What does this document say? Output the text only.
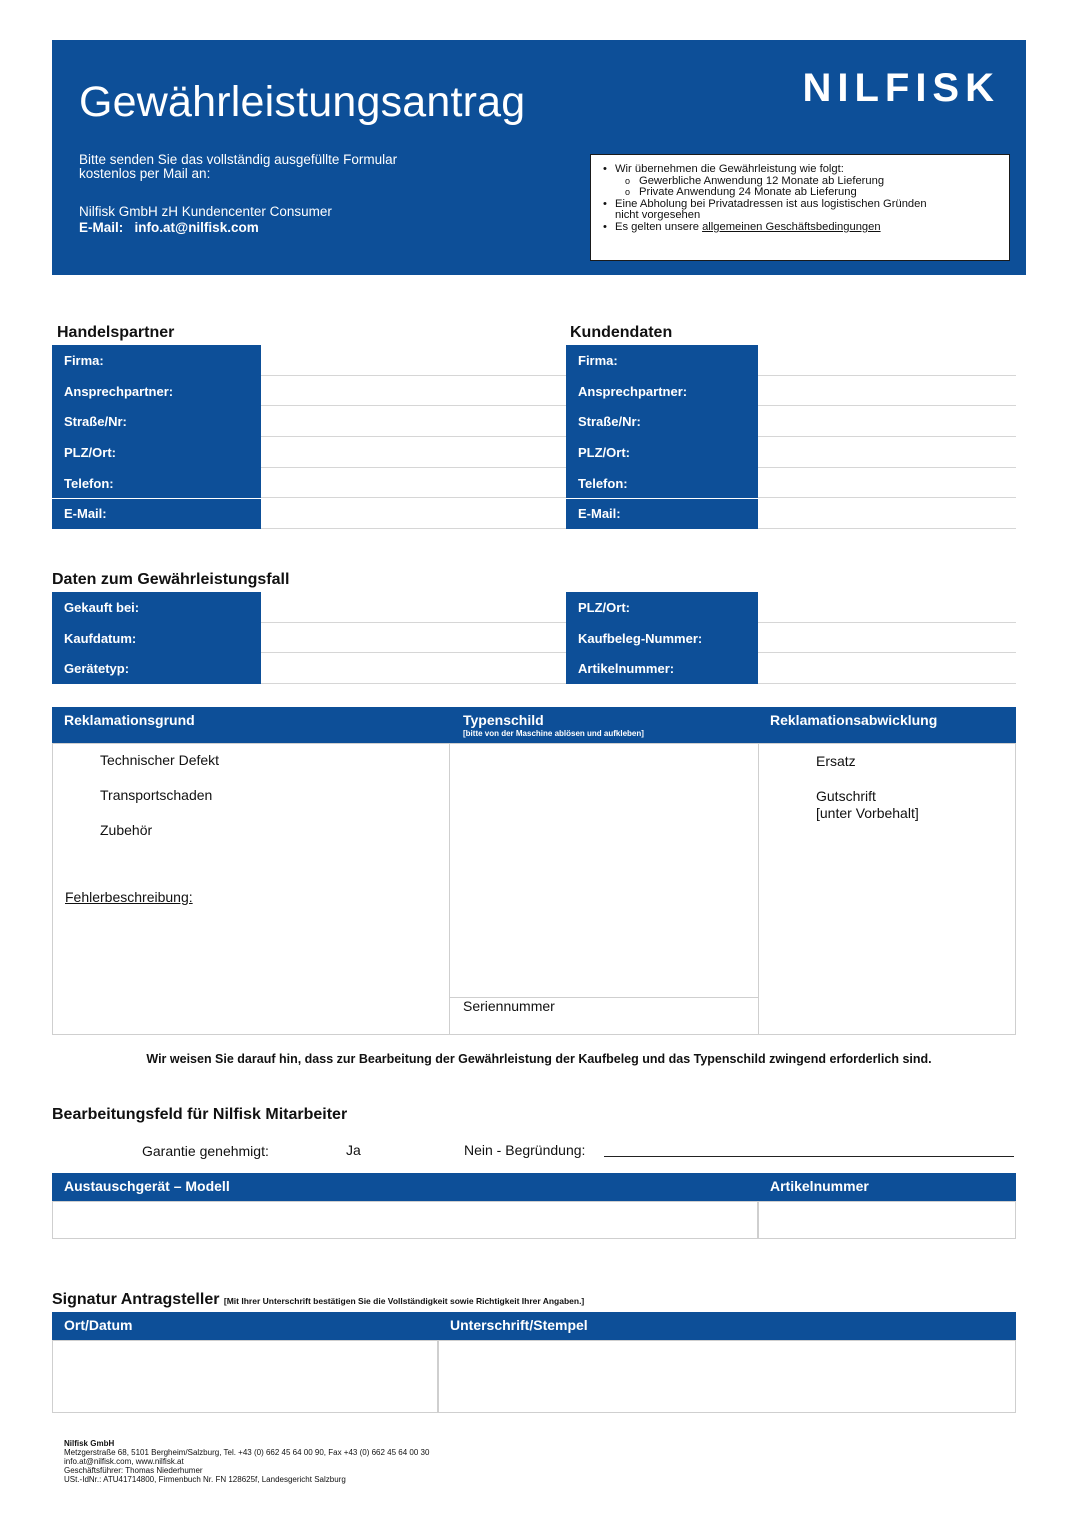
Gewährleistungsantrag	NILFISK
Bitte senden Sie das vollständig ausgefüllte Formular
kostenlos per Mail an:
Nilfisk GmbH zH Kundencenter Consumer
E-Mail: info.at@nilfisk.com
• Wir übernehmen die Gewährleistung wie folgt:
o Gewerbliche Anwendung 12 Monate ab Lieferung
o Private Anwendung 24 Monate ab Lieferung
• Eine Abholung bei Privatadressen ist aus logistischen Gründen
nicht vorgesehen
• Es gelten unsere allgemeinen Geschäftsbedingungen
Handelspartner
Firma:
Ansprechpartner:
Straße/Nr:
PLZ/Ort:
Telefon:
E-Mail:
Kundendaten
Firma:
Ansprechpartner:
Straße/Nr:
PLZ/Ort:
Telefon:
E-Mail:
Daten zum Gewährleistungsfall
Gekauft bei:
Kaufdatum:
Gerätetyp:
PLZ/Ort:
Kaufbeleg-Nummer:
Artikelnummer:
Reklamationsgrund	Typenschild
[bitte von der Maschine ablösen und aufkleben]
Reklamationsabwicklung
Technischer Defekt
Transportschaden
Zubehör
Fehlerbeschreibung:
Seriennummer
Ersatz
Gutschrift
[unter Vorbehalt]
Wir weisen Sie darauf hin, dass zur Bearbeitung der Gewährleistung der Kaufbeleg und das Typenschild zwingend erforderlich sind.
Bearbeitungsfeld für Nilfisk Mitarbeiter
Garantie genehmigt:	Ja	Nein - Begründung:
Austauschgerät – Modell	Artikelnummer
Signatur Antragsteller [Mit Ihrer Unterschrift bestätigen Sie die Vollständigkeit sowie Richtigkeit Ihrer Angaben.]
Ort/Datum	Unterschrift/Stempel
Nilfisk GmbH
Metzgerstraße 68, 5101 Bergheim/Salzburg, Tel. +43 (0) 662 45 64 00 90, Fax +43 (0) 662 45 64 00 30
info.at@nilfisk.com, www.nilfisk.at
Geschäftsführer: Thomas Niederhumer
USt.-IdNr.: ATU41714800, Firmenbuch Nr. FN 128625f, Landesgericht Salzburg
